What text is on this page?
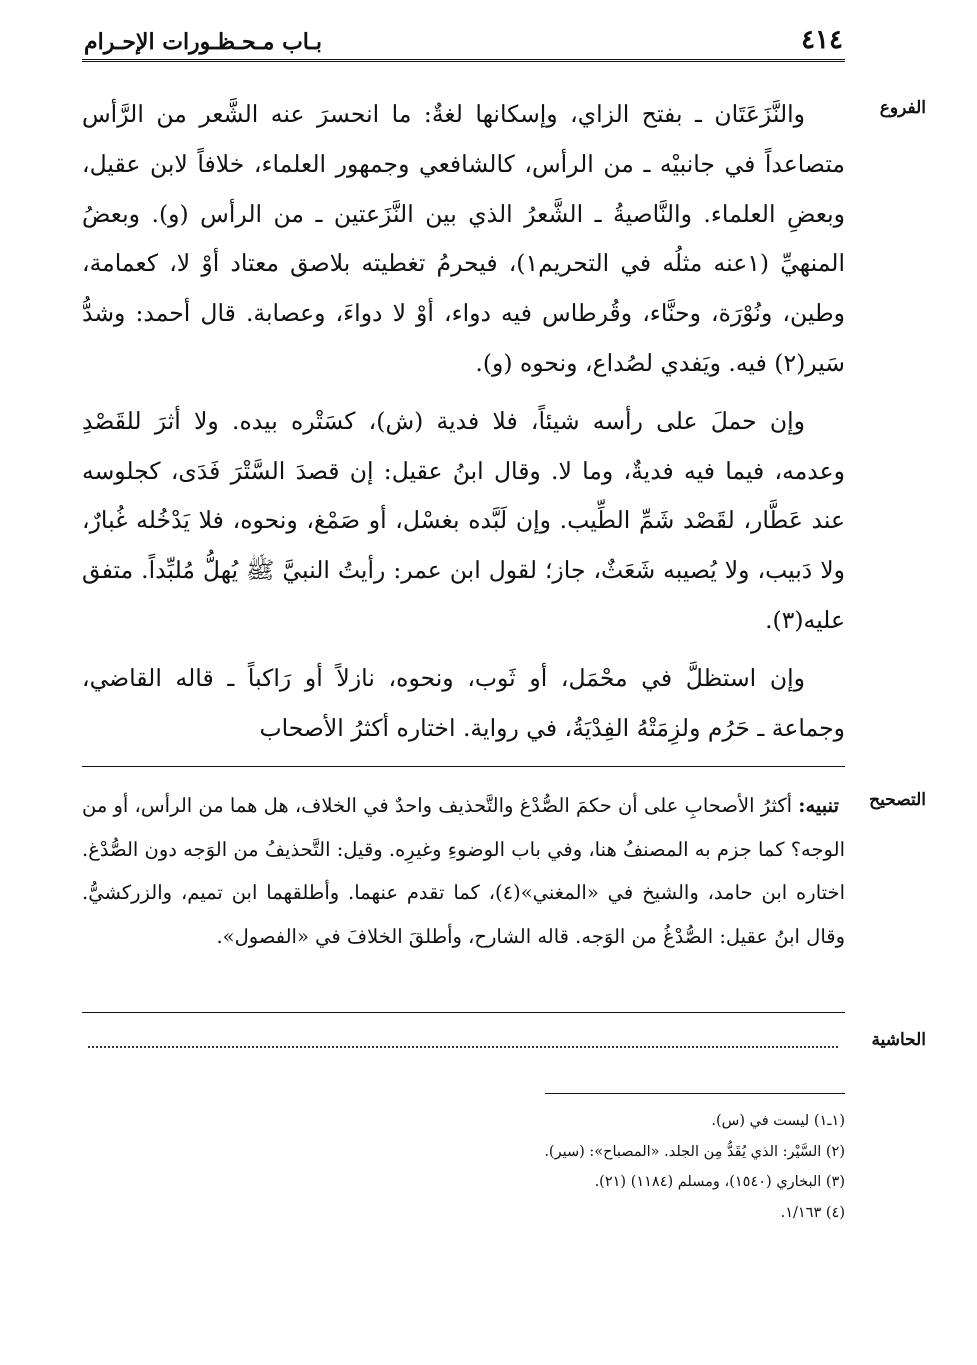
٤١٤
بـاب مـحـظـورات الإحـرام
الفروع

والنَّزَعَتَان ـ بفتح الزاي، وإسكانها لغةٌ: ما انحسرَ عنه الشَّعر من الرَّأس متصاعداً في جانبيْه ـ من الرأس، كالشافعي وجمهور العلماء، خلافاً لابن عقيل، وبعضِ العلماء. والنَّاصيةُ ـ الشَّعرُ الذي بين النَّزَعتين ـ من الرأس (و). وبعضُ المنهيِّ (١عنه مثلُه في التحريم١)، فيحرمُ تغطيته بلاصق معتاد أوْ لا، كعمامة، وطين، ونُوْرَة، وحنَّاء، وقُرطاس فيه دواء، أوْ لا دواءَ، وعصابة. قال أحمد: وشدُّ سَير(٢) فيه. ويَفدي لصُداع، ونحوه (و).

وإن حملَ على رأسه شيئاً، فلا فدية (ش)، كسَتْره بيده. ولا أثرَ للقَصْدِ وعدمه، فيما فيه فديةٌ، وما لا. وقال ابنُ عقيل: إن قصدَ السَّتْرَ فَدَى، كجلوسه عند عَطَّار، لقَصْد شَمِّ الطِّيب. وإن لَبَّده بغسْل، أو صَمْغ، ونحوه، فلا يَدْخُله غُبارٌ، ولا دَبيب، ولا يُصيبه شَعَثٌ، جاز؛ لقول ابن عمر: رأيتُ النبيَّ ﷺ يُهلُّ مُلبِّداً. متفق عليه(٣).

وإن استظلَّ في محْمَل، أو ثَوب، ونحوه، نازلاً أو رَاكباً ـ قاله القاضي، وجماعة ـ حَرُم ولزِمَتْهُ الفِدْيَةُ، في رواية. اختاره أكثرُ الأصحاب

التصحيح

تنبيه: أكثرُ الأصحابِ على أن حكمَ الصُّدْغ والتَّحذيف واحدٌ في الخلاف، هل هما من الرأس، أو من الوجه؟ كما جزم به المصنفُ هنا، وفي باب الوضوءِ وغيرِه. وقيل: التَّحذيفُ من الوَجه دون الصُّدْغ. اختاره ابن حامد، والشيخ في «المغني»(٤)، كما تقدم عنهما. وأطلقهما ابن تميم، والزركشيُّ. وقال ابنُ عقيل: الصُّدْغُ من الوَجه. قاله الشارح، وأطلقَ الخلافَ في «الفصول».

الحاشية
(١ـ١) ليست في (س).
(٢) السَّيْر: الذي يُقَدُّ مِن الجلد. «المصباح»: (سير).
(٣) البخاري (١٥٤٠)، ومسلم (١١٨٤) (٢١).
(٤) ١/١٦٣.
